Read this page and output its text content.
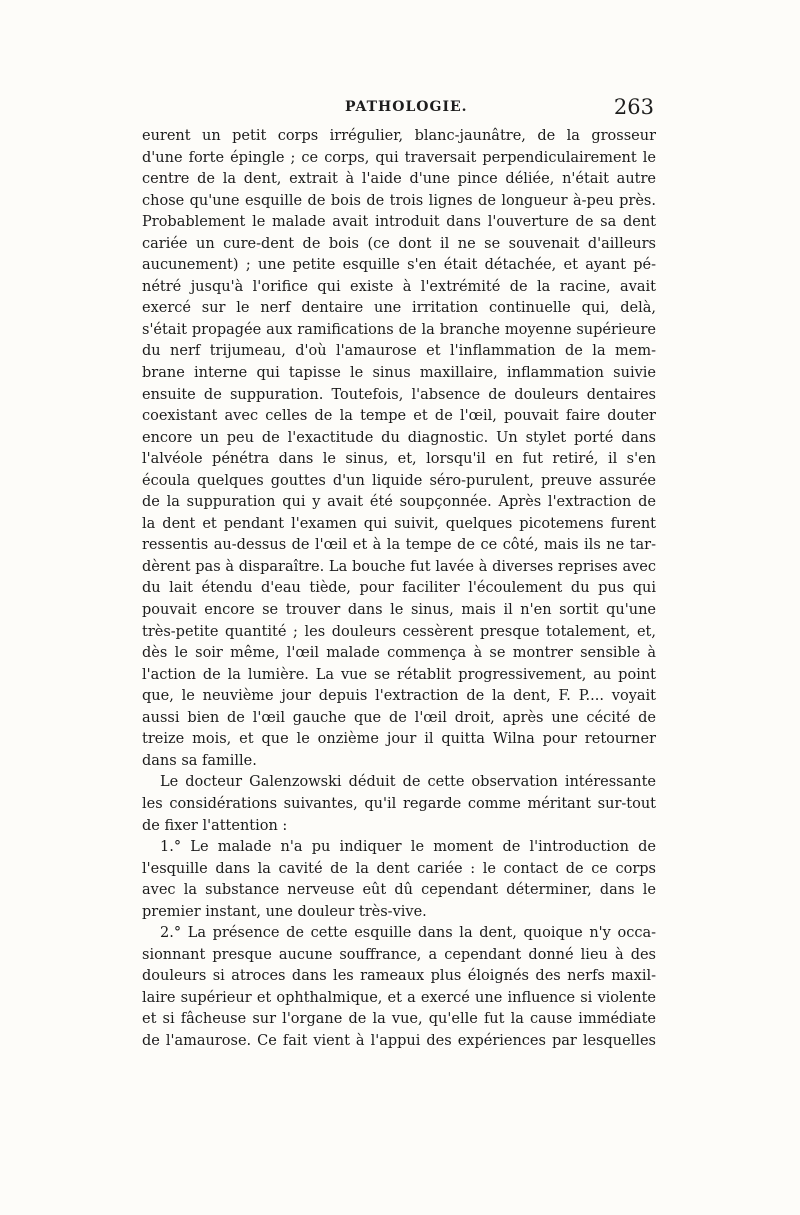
PATHOLOGIE.	263
eurent un petit corps irrégulier, blanc-jaunâtre, de la grosseur
d'une forte épingle ; ce corps, qui traversait perpendiculairement le
centre de la dent, extrait à l'aide d'une pince déliée, n'était autre
chose qu'une esquille de bois de trois lignes de longueur à-peu près.
Probablement le malade avait introduit dans l'ouverture de sa dent
cariée un cure-dent de bois (ce dont il ne se souvenait d'ailleurs
aucunement) ; une petite esquille s'en était détachée, et ayant pé-
nétré jusqu'à l'orifice qui existe à l'extrémité de la racine, avait
exercé sur le nerf dentaire une irritation continuelle qui, delà,
s'était propagée aux ramifications de la branche moyenne supérieure
du nerf trijumeau, d'où l'amaurose et l'inflammation de la mem-
brane interne qui tapisse le sinus maxillaire, inflammation suivie
ensuite de suppuration. Toutefois, l'absence de douleurs dentaires
coexistant avec celles de la tempe et de l'œil, pouvait faire douter
encore un peu de l'exactitude du diagnostic. Un stylet porté dans
l'alvéole pénétra dans le sinus, et, lorsqu'il en fut retiré, il s'en
écoula quelques gouttes d'un liquide séro-purulent, preuve assurée
de la suppuration qui y avait été soupçonnée. Après l'extraction de
la dent et pendant l'examen qui suivit, quelques picotemens furent
ressentis au-dessus de l'œil et à la tempe de ce côté, mais ils ne tar-
dèrent pas à disparaître. La bouche fut lavée à diverses reprises avec
du lait étendu d'eau tiède, pour faciliter l'écoulement du pus qui
pouvait encore se trouver dans le sinus, mais il n'en sortit qu'une
très-petite quantité ; les douleurs cessèrent presque totalement, et,
dès le soir même, l'œil malade commença à se montrer sensible à
l'action de la lumière. La vue se rétablit progressivement, au point
que, le neuvième jour depuis l'extraction de la dent, F. P.... voyait
aussi bien de l'œil gauche que de l'œil droit, après une cécité de
treize mois, et que le onzième jour il quitta Wilna pour retourner
dans sa famille.
Le docteur Galenzowski déduit de cette observation intéressante
les considérations suivantes, qu'il regarde comme méritant sur-tout
de fixer l'attention :
1.° Le malade n'a pu indiquer le moment de l'introduction de
l'esquille dans la cavité de la dent cariée : le contact de ce corps
avec la substance nerveuse eût dû cependant déterminer, dans le
premier instant, une douleur très-vive.
2.° La présence de cette esquille dans la dent, quoique n'y occa-
sionnant presque aucune souffrance, a cependant donné lieu à des
douleurs si atroces dans les rameaux plus éloignés des nerfs maxil-
laire supérieur et ophthalmique, et a exercé une influence si violente
et si fâcheuse sur l'organe de la vue, qu'elle fut la cause immédiate
de l'amaurose. Ce fait vient à l'appui des expériences par lesquelles
